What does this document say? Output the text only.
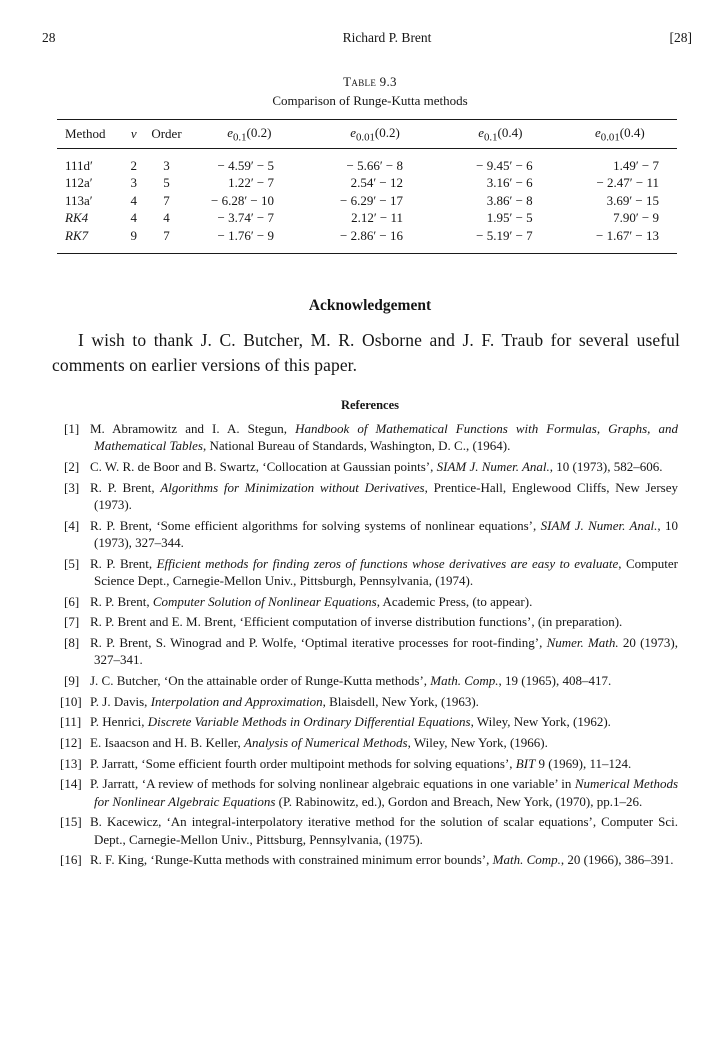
28	Richard P. Brent	[28]
Table 9.3
Comparison of Runge-Kutta methods
Method	ν	Order	$e_{0.1}(0.2)$	$e_{0.01}(0.2)$	$e_{0.1}(0.4)$	$e_{0.01}(0.4)$

111d′	2	3	− 4.59′ − 5	− 5.66′ − 8	− 9.45′ − 6	1.49′ − 7
112a′	3	5	1.22′ − 7	2.54′ − 12	3.16′ − 6	− 2.47′ − 11
113a′	4	7	− 6.28′ − 10	− 6.29′ − 17	3.86′ − 8	3.69′ − 15
RK4	4	4	− 3.74′ − 7	2.12′ − 11	1.95′ − 5	7.90′ − 9
RK7	9	7	− 1.76′ − 9	− 2.86′ − 16	− 5.19′ − 7	− 1.67′ − 13
Acknowledgement
I wish to thank J. C. Butcher, M. R. Osborne and J. F. Traub for several useful comments on earlier versions of this paper.
References
[1] M. Abramowitz and I. A. Stegun, Handbook of Mathematical Functions with Formulas, Graphs, and Mathematical Tables, National Bureau of Standards, Washington, D. C., (1964).
[2] C. W. R. de Boor and B. Swartz, ‘Collocation at Gaussian points’, SIAM J. Numer. Anal., 10 (1973), 582–606.
[3] R. P. Brent, Algorithms for Minimization without Derivatives, Prentice-Hall, Englewood Cliffs, New Jersey (1973).
[4] R. P. Brent, ‘Some efficient algorithms for solving systems of nonlinear equations’, SIAM J. Numer. Anal., 10 (1973), 327–344.
[5] R. P. Brent, Efficient methods for finding zeros of functions whose derivatives are easy to evaluate, Computer Science Dept., Carnegie-Mellon Univ., Pittsburgh, Pennsylvania, (1974).
[6] R. P. Brent, Computer Solution of Nonlinear Equations, Academic Press, (to appear).
[7] R. P. Brent and E. M. Brent, ‘Efficient computation of inverse distribution functions’, (in preparation).
[8] R. P. Brent, S. Winograd and P. Wolfe, ‘Optimal iterative processes for root-finding’, Numer. Math. 20 (1973), 327–341.
[9] J. C. Butcher, ‘On the attainable order of Runge-Kutta methods’, Math. Comp., 19 (1965), 408–417.
[10] P. J. Davis, Interpolation and Approximation, Blaisdell, New York, (1963).
[11] P. Henrici, Discrete Variable Methods in Ordinary Differential Equations, Wiley, New York, (1962).
[12] E. Isaacson and H. B. Keller, Analysis of Numerical Methods, Wiley, New York, (1966).
[13] P. Jarratt, ‘Some efficient fourth order multipoint methods for solving equations’, BIT 9 (1969), 11–124.
[14] P. Jarratt, ‘A review of methods for solving nonlinear algebraic equations in one variable’ in Numerical Methods for Nonlinear Algebraic Equations (P. Rabinowitz, ed.), Gordon and Breach, New York, (1970), pp.1–26.
[15] B. Kacewicz, ‘An integral-interpolatory iterative method for the solution of scalar equations’, Computer Sci. Dept., Carnegie-Mellon Univ., Pittsburg, Pennsylvania, (1975).
[16] R. F. King, ‘Runge-Kutta methods with constrained minimum error bounds’, Math. Comp., 20 (1966), 386–391.
